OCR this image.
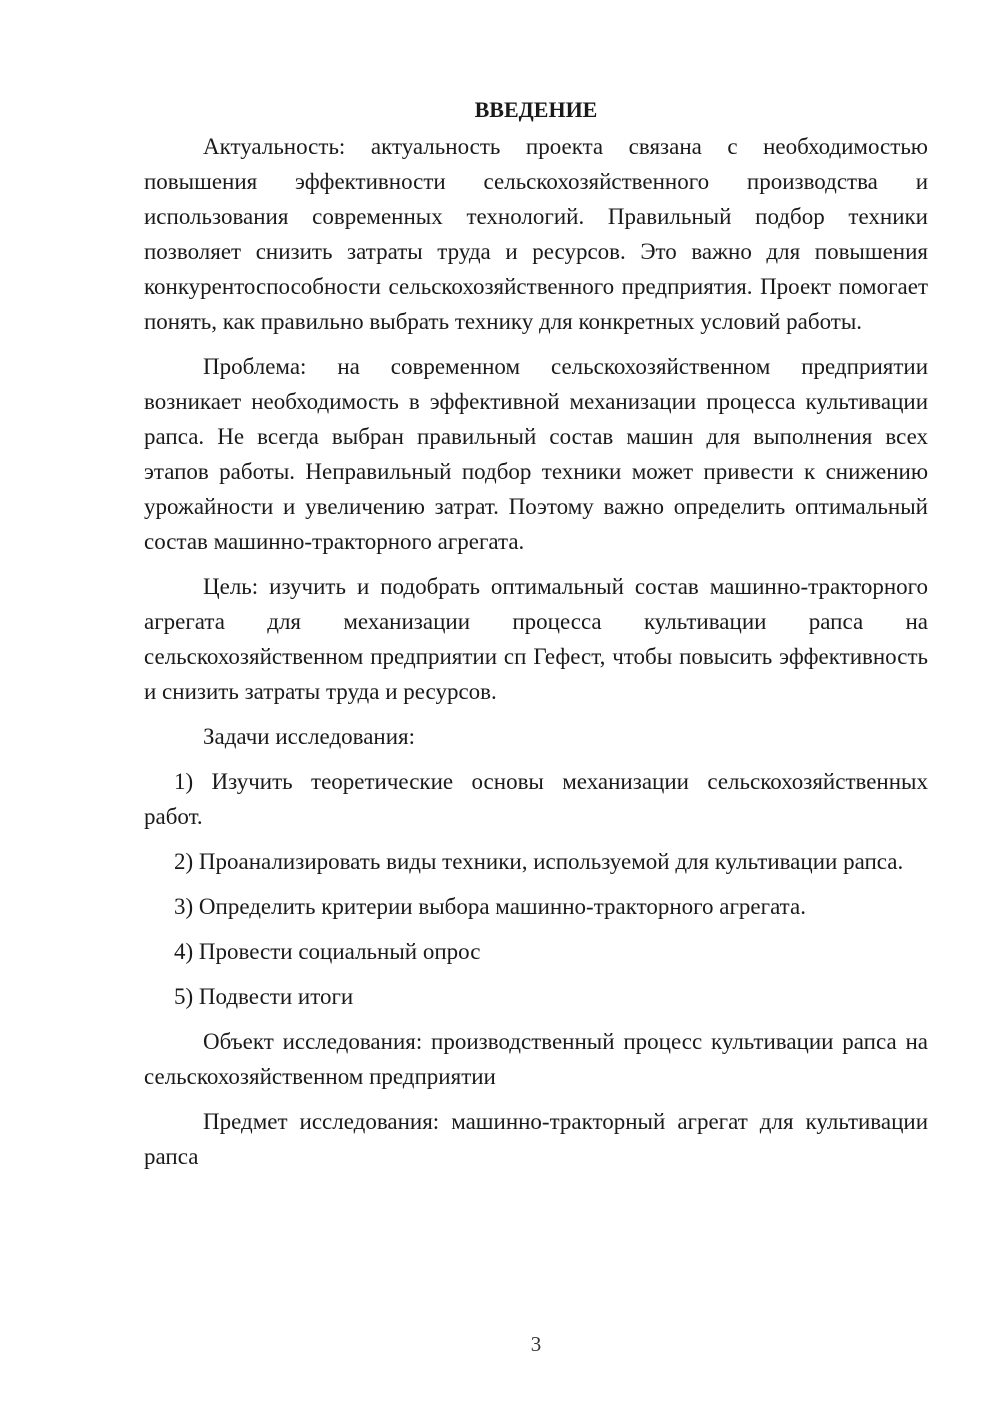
ВВЕДЕНИЕ

Актуальность: актуальность проекта связана с необходимостью повышения эффективности сельскохозяйственного производства и использования современных технологий. Правильный подбор техники позволяет снизить затраты труда и ресурсов. Это важно для повышения конкурентоспособности сельскохозяйственного предприятия. Проект помогает понять, как правильно выбрать технику для конкретных условий работы.

Проблема: на современном сельскохозяйственном предприятии возникает необходимость в эффективной механизации процесса культивации рапса. Не всегда выбран правильный состав машин для выполнения всех этапов работы. Неправильный подбор техники может привести к снижению урожайности и увеличению затрат. Поэтому важно определить оптимальный состав машинно-тракторного агрегата.

Цель: изучить и подобрать оптимальный состав машинно-тракторного агрегата для механизации процесса культивации рапса на сельскохозяйственном предприятии сп Гефест, чтобы повысить эффективность и снизить затраты труда и ресурсов.

Задачи исследования:

1) Изучить теоретические основы механизации сельскохозяйственных работ.

2) Проанализировать виды техники, используемой для культивации рапса.

3) Определить критерии выбора машинно-тракторного агрегата.

4) Провести социальный опрос

5) Подвести итоги

Объект исследования: производственный процесс культивации рапса на сельскохозяйственном предприятии

Предмет исследования: машинно-тракторный агрегат для культивации рапса

3
